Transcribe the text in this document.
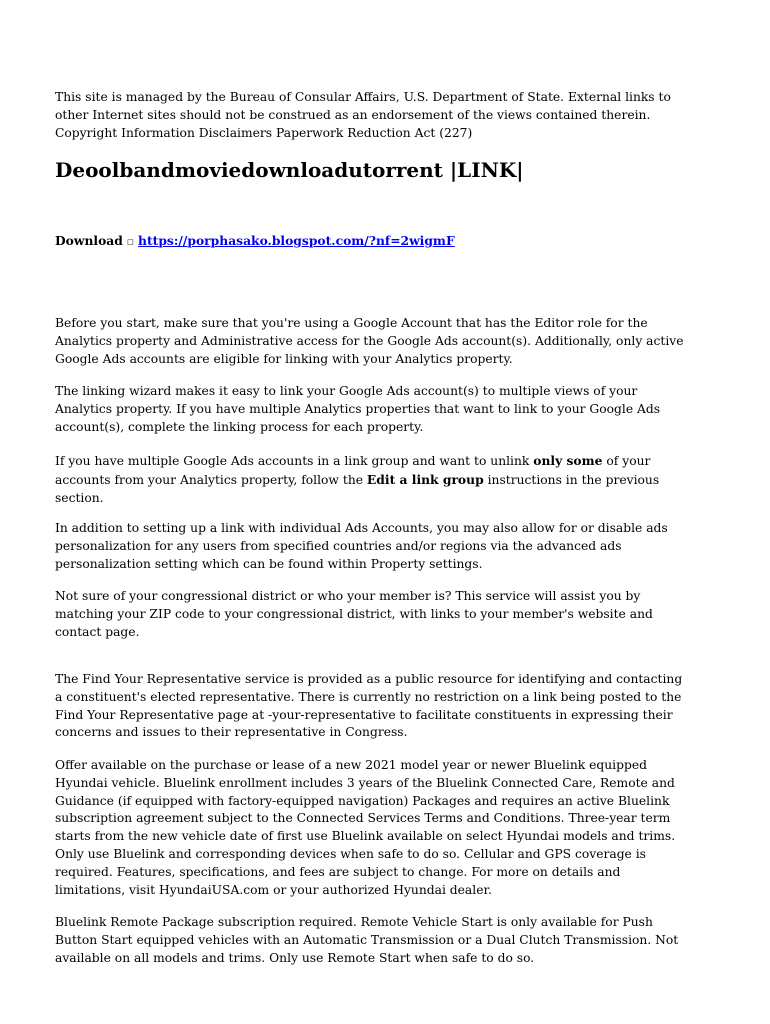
This site is managed by the Bureau of Consular Affairs, U.S. Department of State. External links to
other Internet sites should not be construed as an endorsement of the views contained therein.
Copyright Information Disclaimers Paperwork Reduction Act (227)

Deoolbandmoviedownloadutorrent |LINK|
Download ☐ https://porphasako.blogspot.com/?nf=2wigmF

Before you start, make sure that you're using a Google Account that has the Editor role for the
Analytics property and Administrative access for the Google Ads account(s). Additionally, only active
Google Ads accounts are eligible for linking with your Analytics property.

The linking wizard makes it easy to link your Google Ads account(s) to multiple views of your
Analytics property. If you have multiple Analytics properties that want to link to your Google Ads
account(s), complete the linking process for each property.

If you have multiple Google Ads accounts in a link group and want to unlink only some of your
accounts from your Analytics property, follow the Edit a link group instructions in the previous
section.

In addition to setting up a link with individual Ads Accounts, you may also allow for or disable ads
personalization for any users from specified countries and/or regions via the advanced ads
personalization setting which can be found within Property settings.

Not sure of your congressional district or who your member is? This service will assist you by
matching your ZIP code to your congressional district, with links to your member's website and
contact page.

The Find Your Representative service is provided as a public resource for identifying and contacting
a constituent's elected representative. There is currently no restriction on a link being posted to the
Find Your Representative page at -your-representative to facilitate constituents in expressing their
concerns and issues to their representative in Congress.

Offer available on the purchase or lease of a new 2021 model year or newer Bluelink equipped
Hyundai vehicle. Bluelink enrollment includes 3 years of the Bluelink Connected Care, Remote and
Guidance (if equipped with factory-equipped navigation) Packages and requires an active Bluelink
subscription agreement subject to the Connected Services Terms and Conditions. Three-year term
starts from the new vehicle date of first use Bluelink available on select Hyundai models and trims.
Only use Bluelink and corresponding devices when safe to do so. Cellular and GPS coverage is
required. Features, specifications, and fees are subject to change. For more on details and
limitations, visit HyundaiUSA.com or your authorized Hyundai dealer.

Bluelink Remote Package subscription required. Remote Vehicle Start is only available for Push
Button Start equipped vehicles with an Automatic Transmission or a Dual Clutch Transmission. Not
available on all models and trims. Only use Remote Start when safe to do so.
